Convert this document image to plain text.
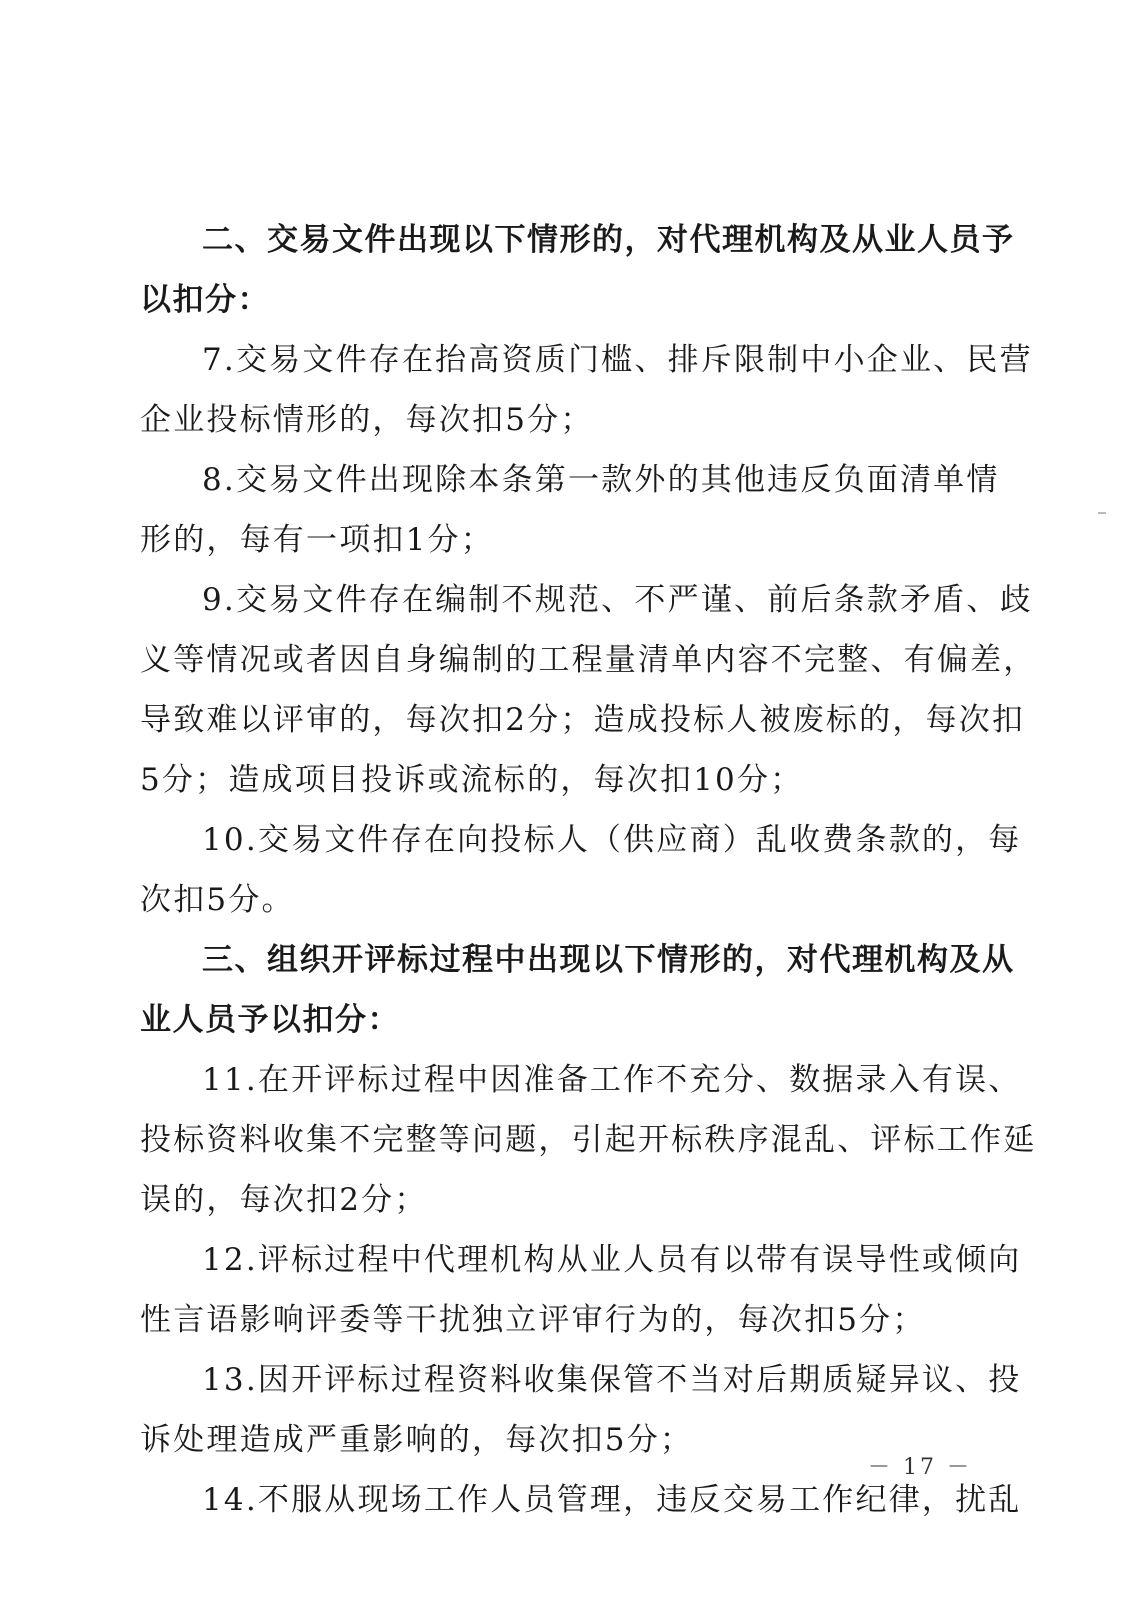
二、交易文件出现以下情形的，对代理机构及从业人员予
以扣分：
7.交易文件存在抬高资质门槛、排斥限制中小企业、民营
企业投标情形的，每次扣5分；
8.交易文件出现除本条第一款外的其他违反负面清单情
形的，每有一项扣1分；
9.交易文件存在编制不规范、不严谨、前后条款矛盾、歧
义等情况或者因自身编制的工程量清单内容不完整、有偏差，
导致难以评审的，每次扣2分；造成投标人被废标的，每次扣
5分；造成项目投诉或流标的，每次扣10分；
10.交易文件存在向投标人（供应商）乱收费条款的，每
次扣5分。
三、组织开评标过程中出现以下情形的，对代理机构及从
业人员予以扣分：
11.在开评标过程中因准备工作不充分、数据录入有误、
投标资料收集不完整等问题，引起开标秩序混乱、评标工作延
误的，每次扣2分；
12.评标过程中代理机构从业人员有以带有误导性或倾向
性言语影响评委等干扰独立评审行为的，每次扣5分；
13.因开评标过程资料收集保管不当对后期质疑异议、投
诉处理造成严重影响的，每次扣5分；
14.不服从现场工作人员管理，违反交易工作纪律，扰乱
－ 17 －
